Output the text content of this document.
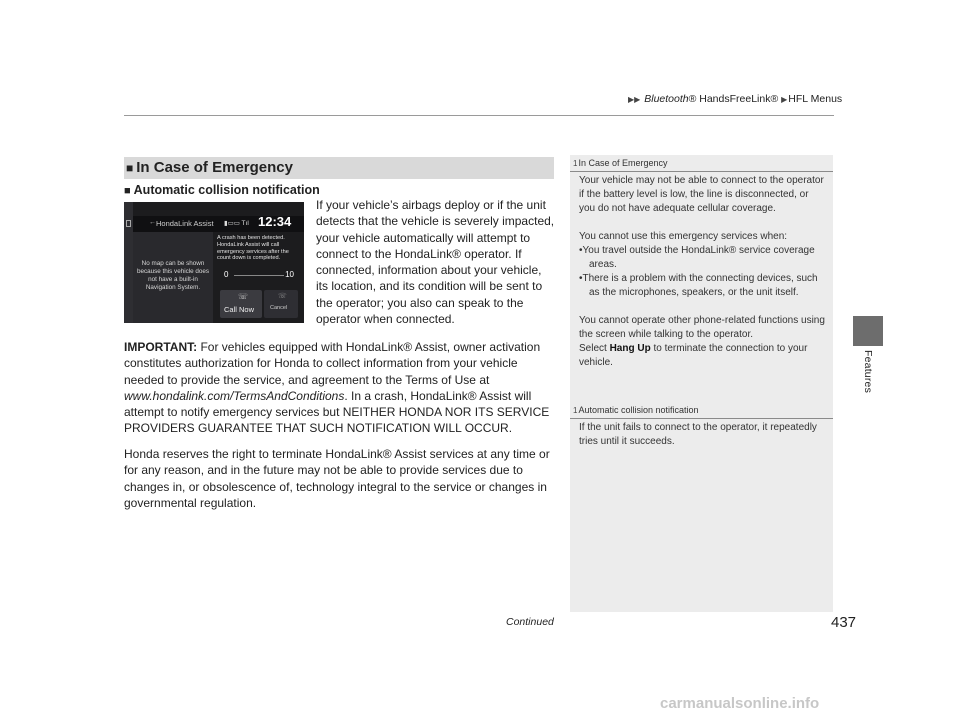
▶▶ Bluetooth® HandsFreeLink® ▶HFL Menus
Features
■ In Case of Emergency
■ Automatic collision notification
← HondaLink Assist ▮▭▭ Tıl 12:34
No map can be shown because this vehicle does not have a built-in Navigation System.
A crash has been detected. HondaLink Assist will call emergency services after the count down is completed.
0	10
☏
Call Now
☏
Cancel
If your vehicle’s airbags deploy or if the unit detects that the vehicle is severely impacted, your vehicle automatically will attempt to connect to the HondaLink® operator. If connected, information about your vehicle, its location, and its condition will be sent to the operator; you also can speak to the operator when connected.

IMPORTANT: For vehicles equipped with HondaLink® Assist, owner activation constitutes authorization for Honda to collect information from your vehicle needed to provide the service, and agreement to the Terms of Use at www.hondalink.com/TermsAndConditions. In a crash, HondaLink® Assist will attempt to notify emergency services but NEITHER HONDA NOR ITS SERVICE PROVIDERS GUARANTEE THAT SUCH NOTIFICATION WILL OCCUR.

Honda reserves the right to terminate HondaLink® Assist services at any time or for any reason, and in the future may not be able to provide services due to changes in, or obsolescence of, technology integral to the service or changes in governmental regulation.

1In Case of Emergency

Your vehicle may not be able to connect to the operator if the battery level is low, the line is disconnected, or you do not have adequate cellular coverage.

You cannot use this emergency services when:

•You travel outside the HondaLink® service coverage areas.

•There is a problem with the connecting devices, such as the microphones, speakers, or the unit itself.

You cannot operate other phone-related functions using the screen while talking to the operator.

Select Hang Up to terminate the connection to your vehicle.

1Automatic collision notification

If the unit fails to connect to the operator, it repeatedly tries until it succeeds.

Continued	437
carmanualsonline.info
